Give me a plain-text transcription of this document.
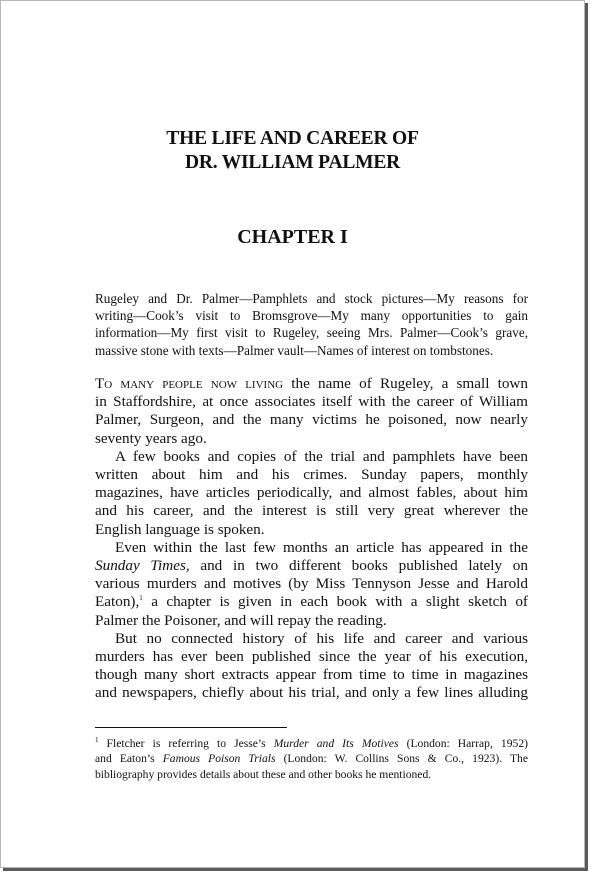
THE LIFE AND CAREER OF
DR. WILLIAM PALMER
CHAPTER I
Rugeley and Dr. Palmer—Pamphlets and stock pictures—My reasons for
writing—Cook’s visit to Bromsgrove—My many opportunities to gain
information—My first visit to Rugeley, seeing Mrs. Palmer—Cook’s grave,
massive stone with texts—Palmer vault—Names of interest on tombstones.
To many people now living the name of Rugeley, a small town
in Staffordshire, at once associates itself with the career of William
Palmer, Surgeon, and the many victims he poisoned, now nearly
seventy years ago.
A few books and copies of the trial and pamphlets have been
written about him and his crimes. Sunday papers, monthly
magazines, have articles periodically, and almost fables, about him
and his career, and the interest is still very great wherever the
English language is spoken.
Even within the last few months an article has appeared in the
Sunday Times, and in two different books published lately on
various murders and motives (by Miss Tennyson Jesse and Harold
Eaton),$^1$ a chapter is given in each book with a slight sketch of
Palmer the Poisoner, and will repay the reading.
But no connected history of his life and career and various
murders has ever been published since the year of his execution,
though many short extracts appear from time to time in magazines
and newspapers, chiefly about his trial, and only a few lines alluding
$^1$ Fletcher is referring to Jesse’s Murder and Its Motives (London: Harrap, 1952)
and Eaton’s Famous Poison Trials (London: W. Collins Sons & Co., 1923). The
bibliography provides details about these and other books he mentioned.
